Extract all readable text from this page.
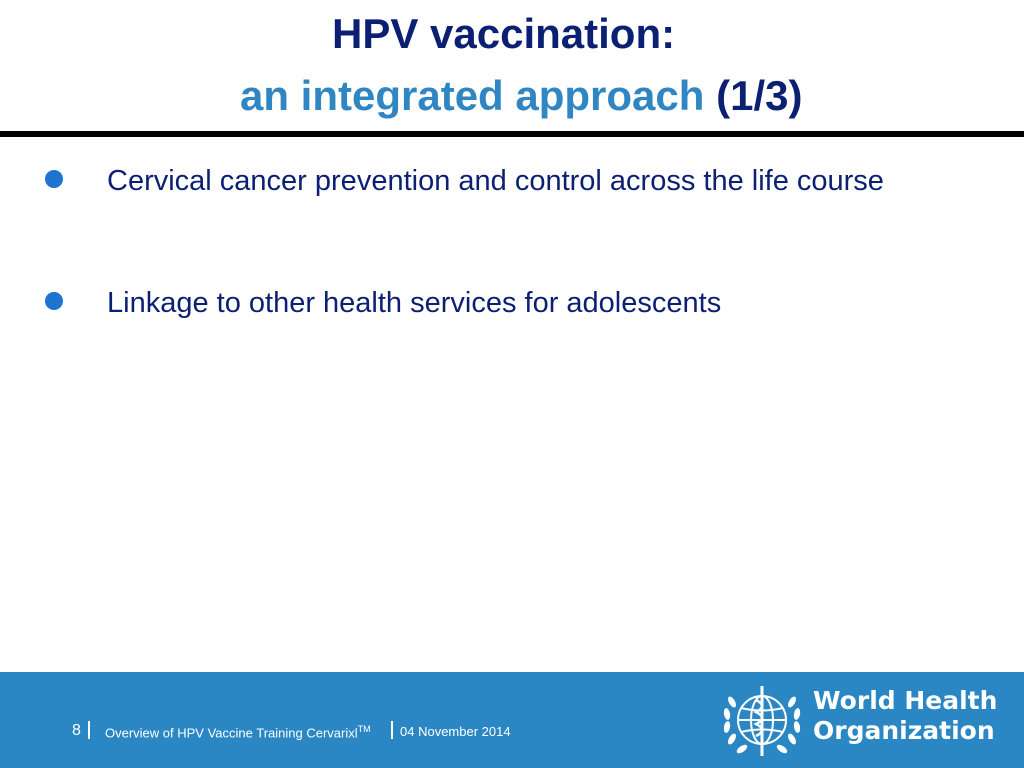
HPV vaccination:
an integrated approach (1/3)
Cervical cancer prevention and control across the life course
Linkage to other health services for adolescents
8 Overview of HPV Vaccine Training Cervarixl™ 04 November 2014
World Health
Organization
